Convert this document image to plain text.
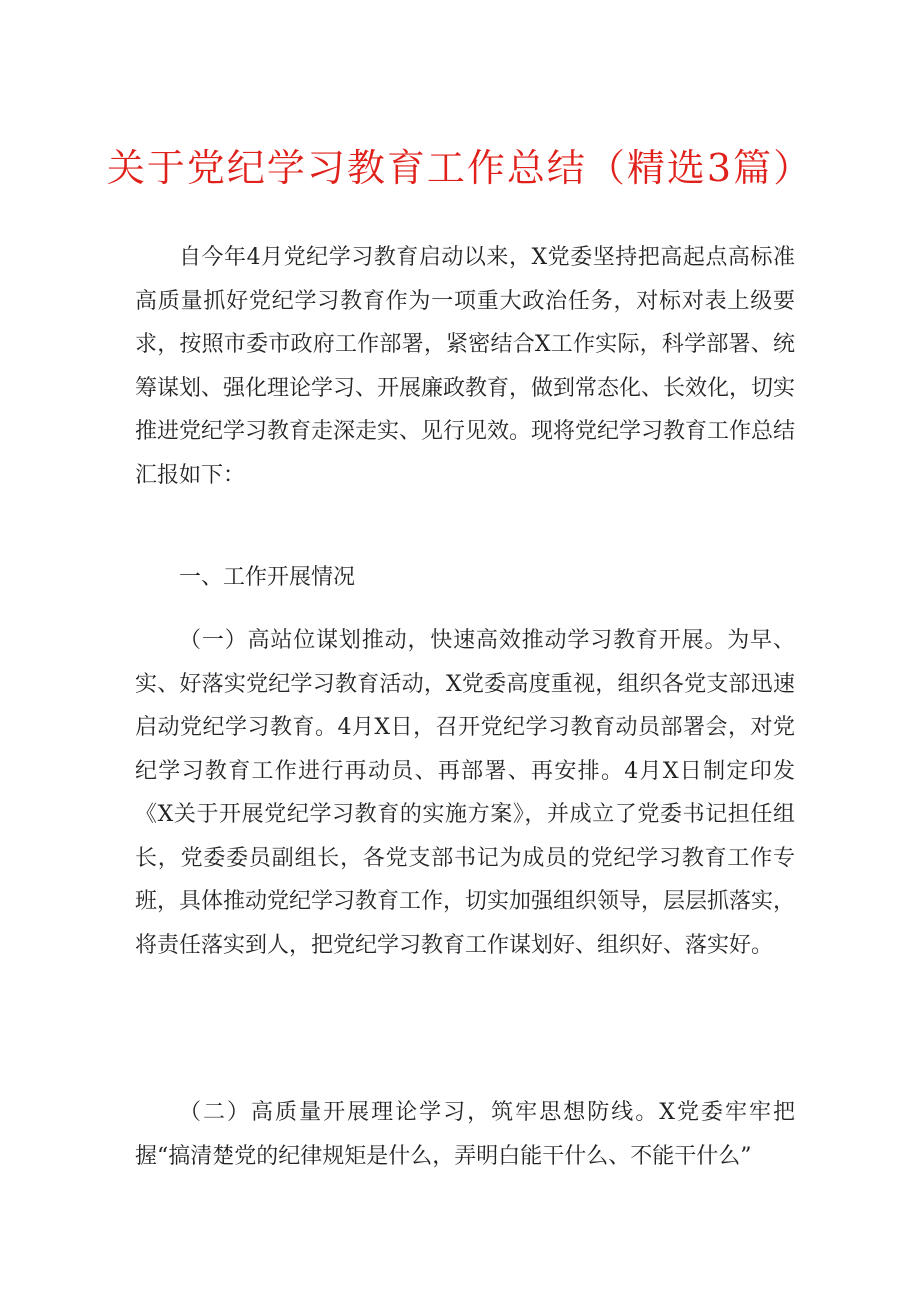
关于党纪学习教育工作总结（精选3篇）

自今年4月党纪学习教育启动以来，X党委坚持把高起点高标准高质量抓好党纪学习教育作为一项重大政治任务，对标对表上级要求，按照市委市政府工作部署，紧密结合X工作实际，科学部署、统筹谋划、强化理论学习、开展廉政教育，做到常态化、长效化，切实推进党纪学习教育走深走实、见行见效。现将党纪学习教育工作总结汇报如下：

一、工作开展情况

（一）高站位谋划推动，快速高效推动学习教育开展。为早、实、好落实党纪学习教育活动，X党委高度重视，组织各党支部迅速启动党纪学习教育。4月X日，召开党纪学习教育动员部署会，对党纪学习教育工作进行再动员、再部署、再安排。4月X日制定印发《X关于开展党纪学习教育的实施方案》，并成立了党委书记担任组长，党委委员副组长，各党支部书记为成员的党纪学习教育工作专班，具体推动党纪学习教育工作，切实加强组织领导，层层抓落实，将责任落实到人，把党纪学习教育工作谋划好、组织好、落实好。

（二）高质量开展理论学习，筑牢思想防线。X党委牢牢把握“搞清楚党的纪律规矩是什么，弄明白能干什么、不能干什么”
